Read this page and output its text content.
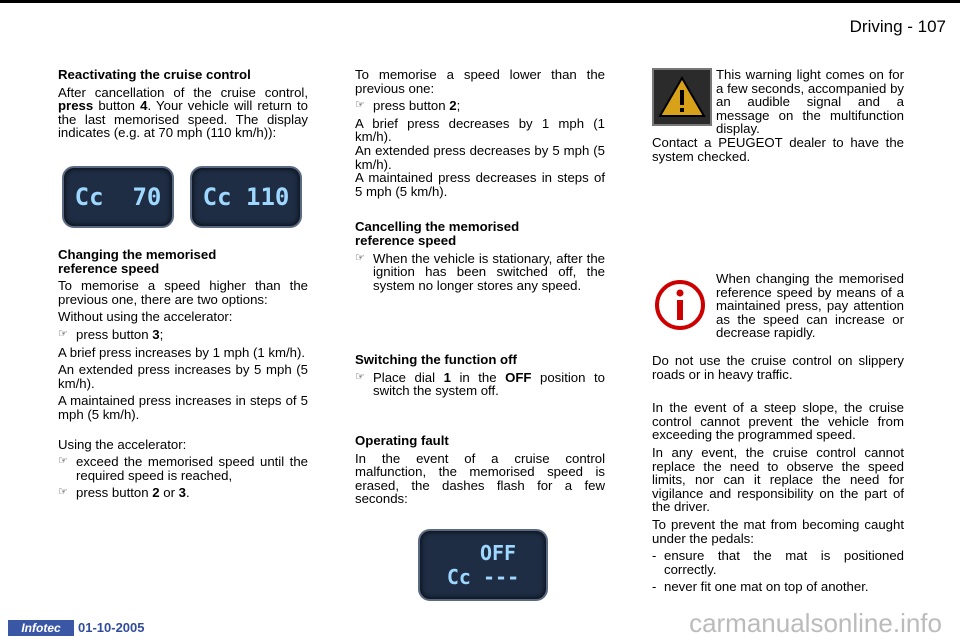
Driving - 107
Reactivating the cruise control

After cancellation of the cruise control, press button 4. Your vehicle will return to the last memorised speed. The display indicates (e.g. at 70 mph (110 km/h)):

Cc  70 Cc 110
Changing the memorised reference speed

To memorise a speed higher than the previous one, there are two options:

Without using the accelerator:

☞ press button 3;

A brief press increases by 1 mph (1 km/h).

An extended press increases by 5 mph (5 km/h).

A maintained press increases in steps of 5 mph (5 km/h).

Using the accelerator:

☞ exceed the memorised speed until the required speed is reached,
☞ press button 2 or 3.

To memorise a speed lower than the previous one:

☞ press button 2;

A brief press decreases by 1 mph (1 km/h).

An extended press decreases by 5 mph (5 km/h).

A maintained press decreases in steps of 5 mph (5 km/h).

Cancelling the memorised reference speed
☞ When the vehicle is stationary, after the ignition has been switched off, the system no longer stores any speed.
Switching the function off
☞ Place dial 1 in the OFF position to switch the system off.
Operating fault

In the event of a cruise control malfunction, the memorised speed is erased, the dashes flash for a few seconds:

OFF
Cc ---

This warning light comes on for a few seconds, accompanied by an audible signal and a message on the multifunction display.

Contact a PEUGEOT dealer to have the system checked.

When changing the memorised reference speed by means of a maintained press, pay attention as the speed can increase or decrease rapidly.

Do not use the cruise control on slippery roads or in heavy traffic.

In the event of a steep slope, the cruise control cannot prevent the vehicle from exceeding the programmed speed.

In any event, the cruise control cannot replace the need to observe the speed limits, nor can it replace the need for vigilance and responsibility on the part of the driver.

To prevent the mat from becoming caught under the pedals:

- ensure that the mat is positioned correctly.
- never fit one mat on top of another.
Infotec	01-10-2005	carmanualsonline.info
